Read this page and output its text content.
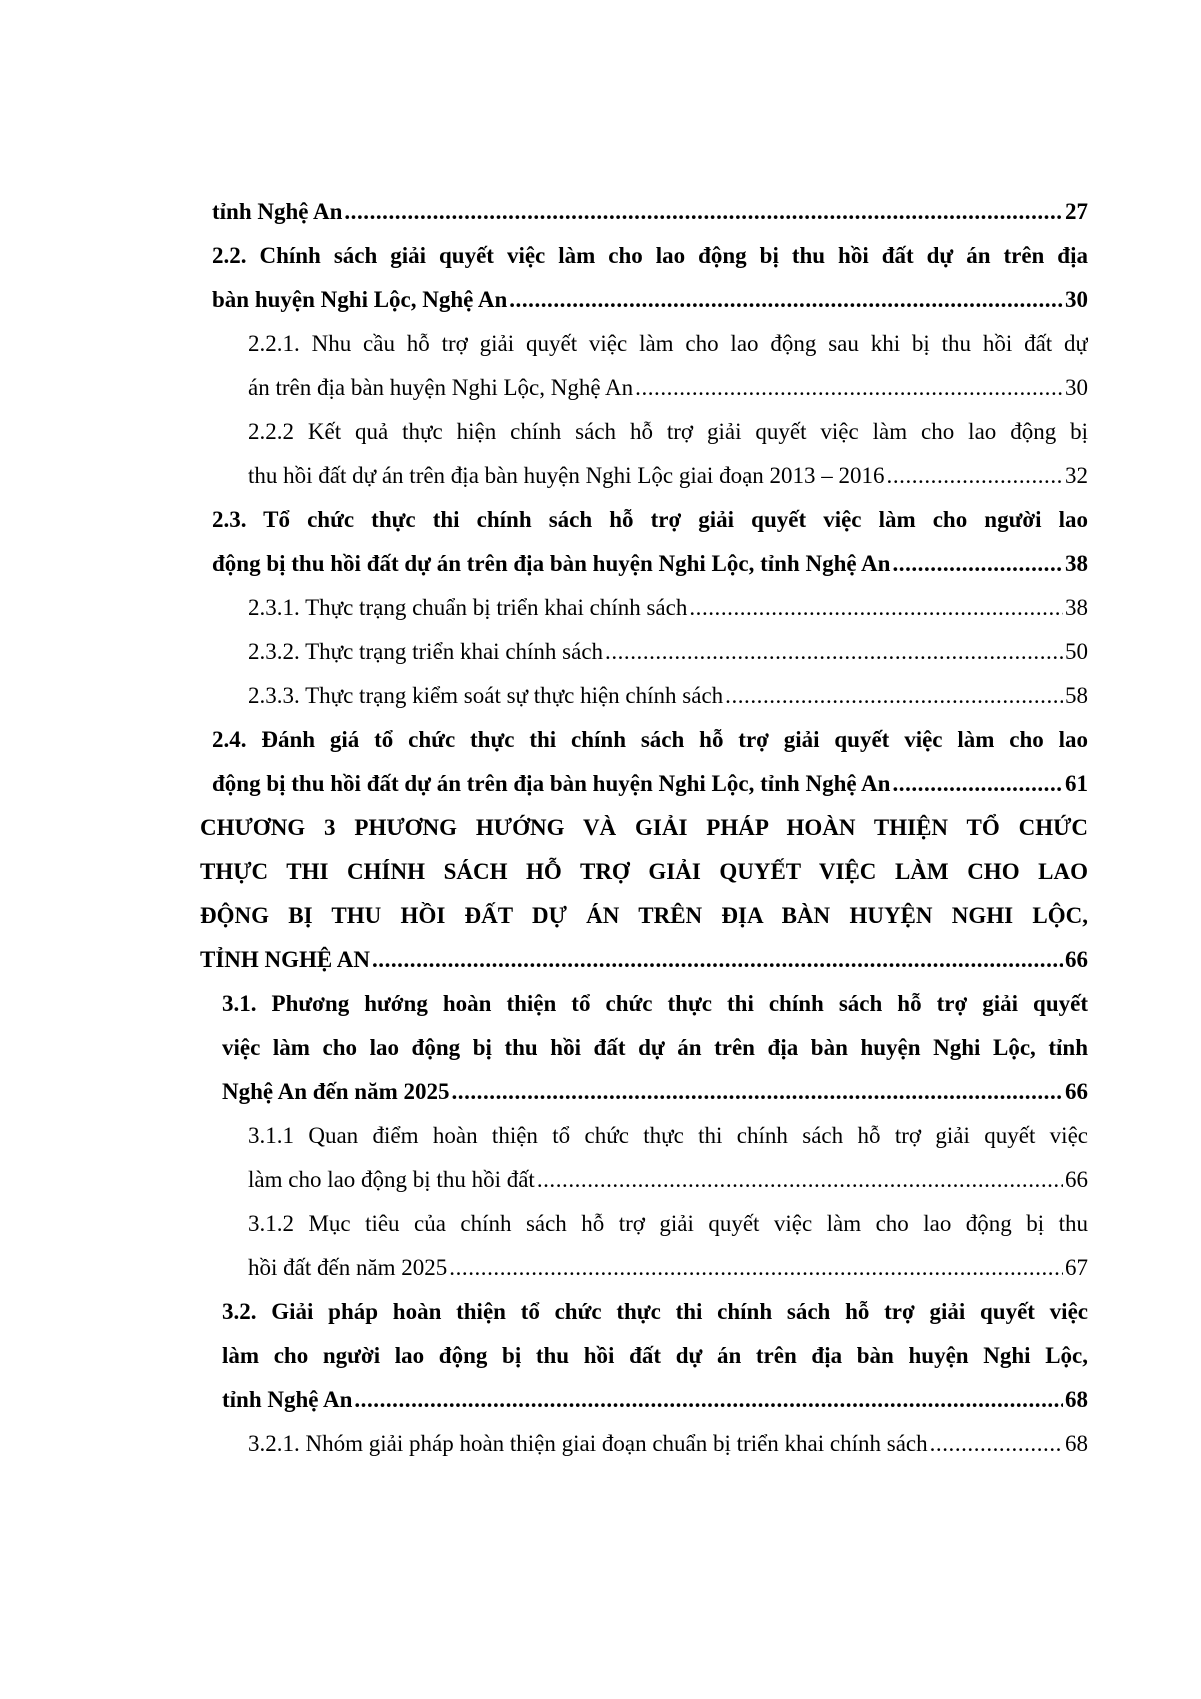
tỉnh Nghệ An . . .	27
2.2. Chính sách giải quyết việc làm cho lao động bị thu hồi đất dự án trên địa
bàn huyện Nghi Lộc, Nghệ An . . .	30
2.2.1. Nhu cầu hỗ trợ giải quyết việc làm cho lao động sau khi bị thu hồi đất dự
án trên địa bàn huyện Nghi Lộc, Nghệ An . . .	30
2.2.2 Kết quả thực hiện chính sách hỗ trợ giải quyết việc làm cho lao động bị
thu hồi đất dự án trên địa bàn huyện Nghi Lộc giai đoạn 2013 – 2016 . . .	32
2.3. Tổ chức thực thi chính sách hỗ trợ giải quyết việc làm cho người lao
động bị thu hồi đất dự án trên địa bàn huyện Nghi Lộc, tỉnh Nghệ An . . .	38
2.3.1. Thực trạng chuẩn bị triển khai chính sách . . .	38
2.3.2. Thực trạng triển khai chính sách . . .	50
2.3.3. Thực trạng kiểm soát sự thực hiện chính sách . . .	58
2.4. Đánh giá tổ chức thực thi chính sách hỗ trợ giải quyết việc làm cho lao
động bị thu hồi đất dự án trên địa bàn huyện Nghi Lộc, tỉnh Nghệ An . . .	61
CHƯƠNG 3 PHƯƠNG HƯỚNG VÀ GIẢI PHÁP HOÀN THIỆN TỔ CHỨC
THỰC THI CHÍNH SÁCH HỖ TRỢ GIẢI QUYẾT VIỆC LÀM CHO LAO
ĐỘNG BỊ THU HỒI ĐẤT DỰ ÁN TRÊN ĐỊA BÀN HUYỆN NGHI LỘC,
TỈNH NGHỆ AN . . .	66
3.1. Phương hướng hoàn thiện tổ chức thực thi chính sách hỗ trợ giải quyết
việc làm cho lao động bị thu hồi đất dự án trên địa bàn huyện Nghi Lộc, tỉnh
Nghệ An đến năm 2025 . . .	66
3.1.1 Quan điểm hoàn thiện tổ chức thực thi chính sách hỗ trợ giải quyết việc
làm cho lao động bị thu hồi đất . . .	66
3.1.2 Mục tiêu của chính sách hỗ trợ giải quyết việc làm cho lao động bị thu
hồi đất đến năm 2025 . . .	67
3.2. Giải pháp hoàn thiện tổ chức thực thi chính sách hỗ trợ giải quyết việc
làm cho người lao động bị thu hồi đất dự án trên địa bàn huyện Nghi Lộc,
tỉnh Nghệ An . . .	68
3.2.1. Nhóm giải pháp hoàn thiện giai đoạn chuẩn bị triển khai chính sách . . .	68
